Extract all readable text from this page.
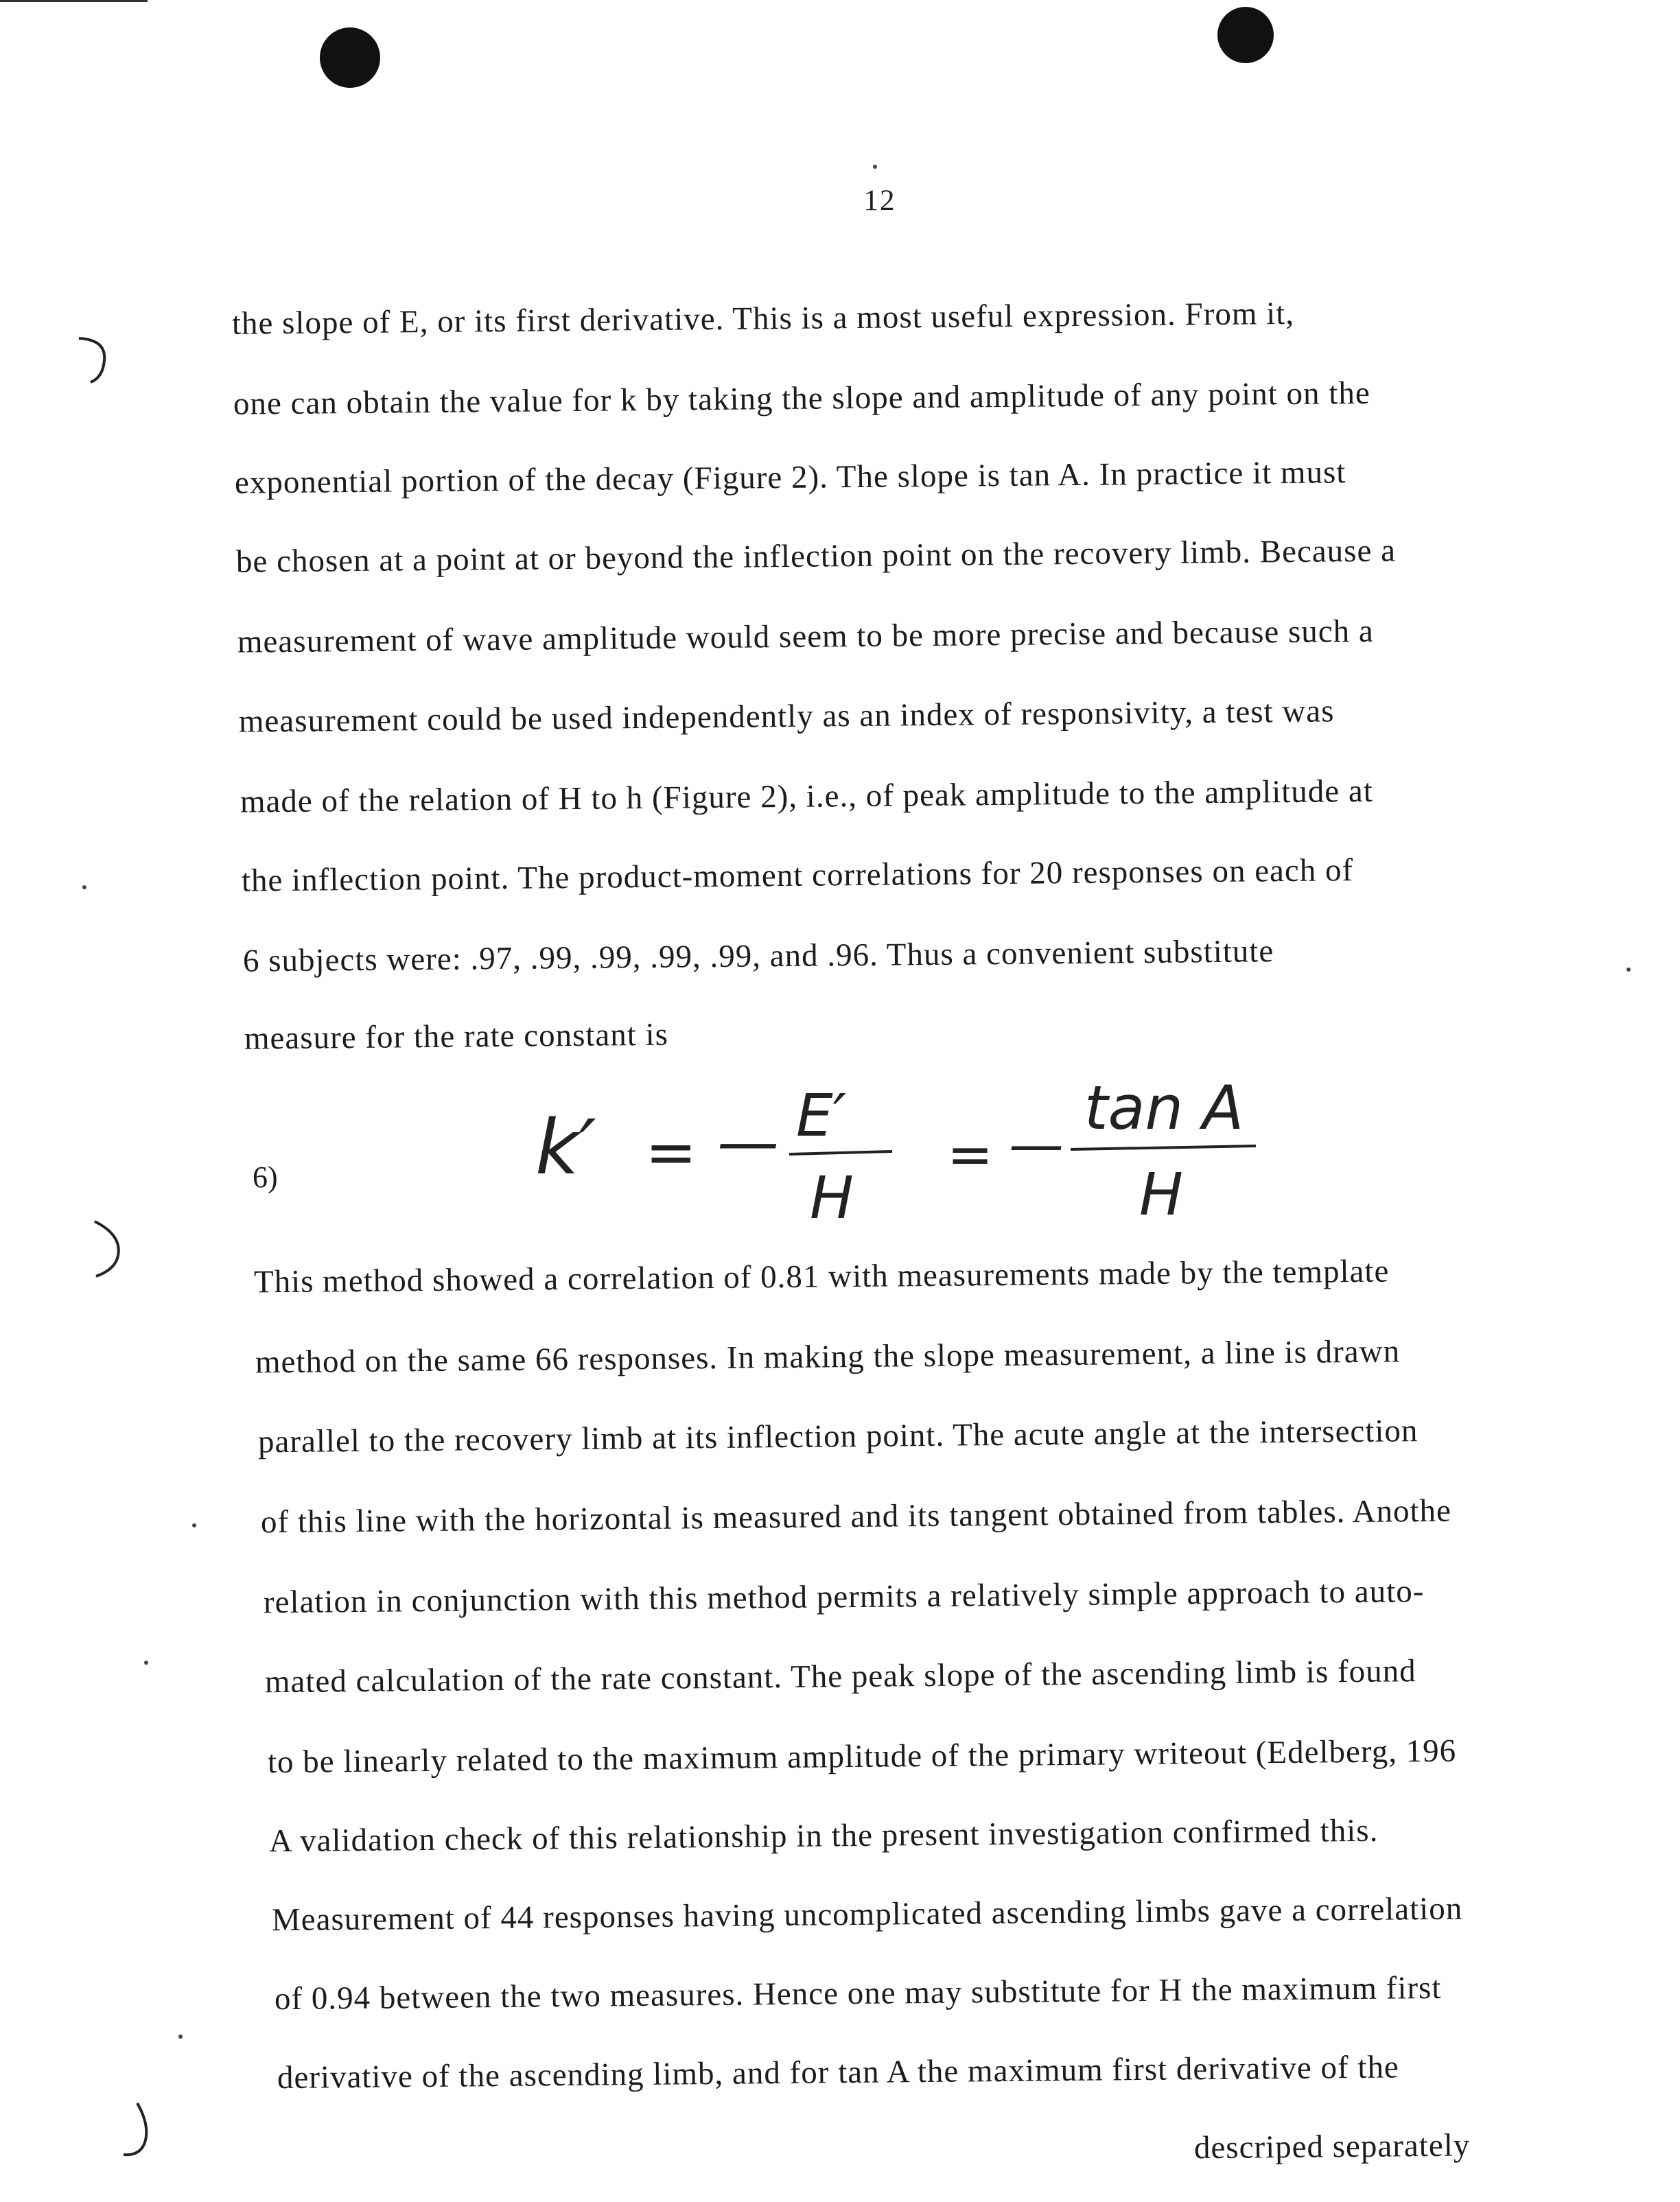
12
the slope of E, or its first derivative. This is a most useful expression. From it,
one can obtain the value for k by taking the slope and amplitude of any point on the
exponential portion of the decay (Figure 2). The slope is tan A. In practice it must
be chosen at a point at or beyond the inflection point on the recovery limb. Because a
measurement of wave amplitude would seem to be more precise and because such a
measurement could be used independently as an index of responsivity, a test was
made of the relation of H to h (Figure 2), i.e., of peak amplitude to the amplitude at
the inflection point. The product-moment correlations for 20 responses on each of
6 subjects were: .97, .99, .99, .99, .99, and .96. Thus a convenient substitute
measure for the rate constant is
6)	k′ = — E′
H
= —
tan A
H
This method showed a correlation of 0.81 with measurements made by the template
method on the same 66 responses. In making the slope measurement, a line is drawn
parallel to the recovery limb at its inflection point. The acute angle at the intersection
of this line with the horizontal is measured and its tangent obtained from tables. Anothe
relation in conjunction with this method permits a relatively simple approach to auto-
mated calculation of the rate constant. The peak slope of the ascending limb is found
to be linearly related to the maximum amplitude of the primary writeout (Edelberg, 196
A validation check of this relationship in the present investigation confirmed this.
Measurement of 44 responses having uncomplicated ascending limbs gave a correlation
of 0.94 between the two measures. Hence one may substitute for H the maximum first
derivative of the ascending limb, and for tan A the maximum first derivative of the
descriped separately
